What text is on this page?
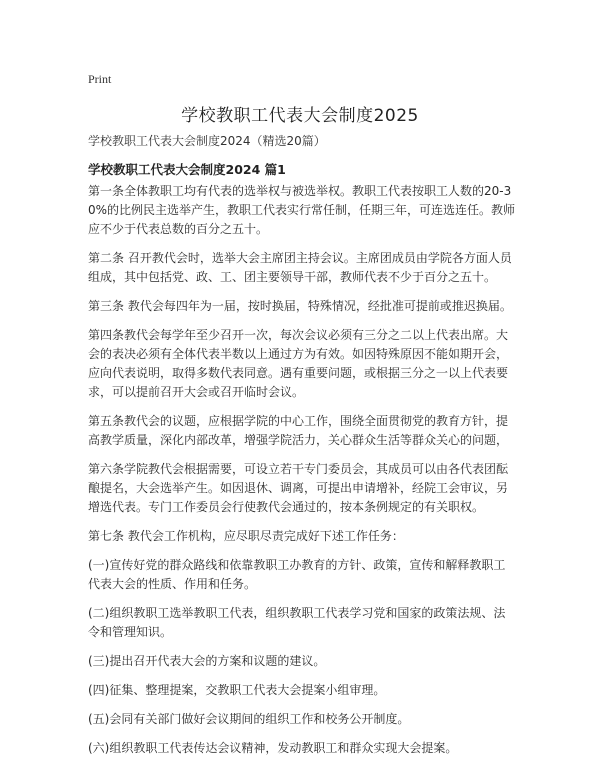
Print
学校教职工代表大会制度2025
学校教职工代表大会制度2024（精选20篇）
学校教职工代表大会制度2024 篇1

第一条全体教职工均有代表的选举权与被选举权。教职工代表按职工人数的20-30%的比例民主选举产生，教职工代表实行常任制，任期三年，可连选连任。教师应不少于代表总数的百分之五十。

第二条 召开教代会时，选举大会主席团主持会议。主席团成员由学院各方面人员组成，其中包括党、政、工、团主要领导干部，教师代表不少于百分之五十。

第三条 教代会每四年为一届，按时换届，特殊情况，经批准可提前或推迟换届。

第四条教代会每学年至少召开一次，每次会议必须有三分之二以上代表出席。大会的表决必须有全体代表半数以上通过方为有效。如因特殊原因不能如期开会，应向代表说明，取得多数代表同意。遇有重要问题，或根据三分之一以上代表要求，可以提前召开大会或召开临时会议。

第五条教代会的议题，应根据学院的中心工作，围绕全面贯彻党的教育方针，提高教学质量，深化内部改革，增强学院活力，关心群众生活等群众关心的问题，

第六条学院教代会根据需要，可设立若干专门委员会，其成员可以由各代表团酝酿提名，大会选举产生。如因退休、调离，可提出申请增补，经院工会审议，另增选代表。专门工作委员会行使教代会通过的，按本条例规定的有关职权。

第七条 教代会工作机构，应尽职尽责完成好下述工作任务：

(一)宣传好党的群众路线和依靠教职工办教育的方针、政策，宣传和解释教职工代表大会的性质、作用和任务。

(二)组织教职工选举教职工代表，组织教职工代表学习党和国家的政策法规、法令和管理知识。

(三)提出召开代表大会的方案和议题的建议。

(四)征集、整理提案，交教职工代表大会提案小组审理。

(五)会同有关部门做好会议期间的组织工作和校务公开制度。

(六)组织教职工代表传达会议精神，发动教职工和群众实现大会提案。
